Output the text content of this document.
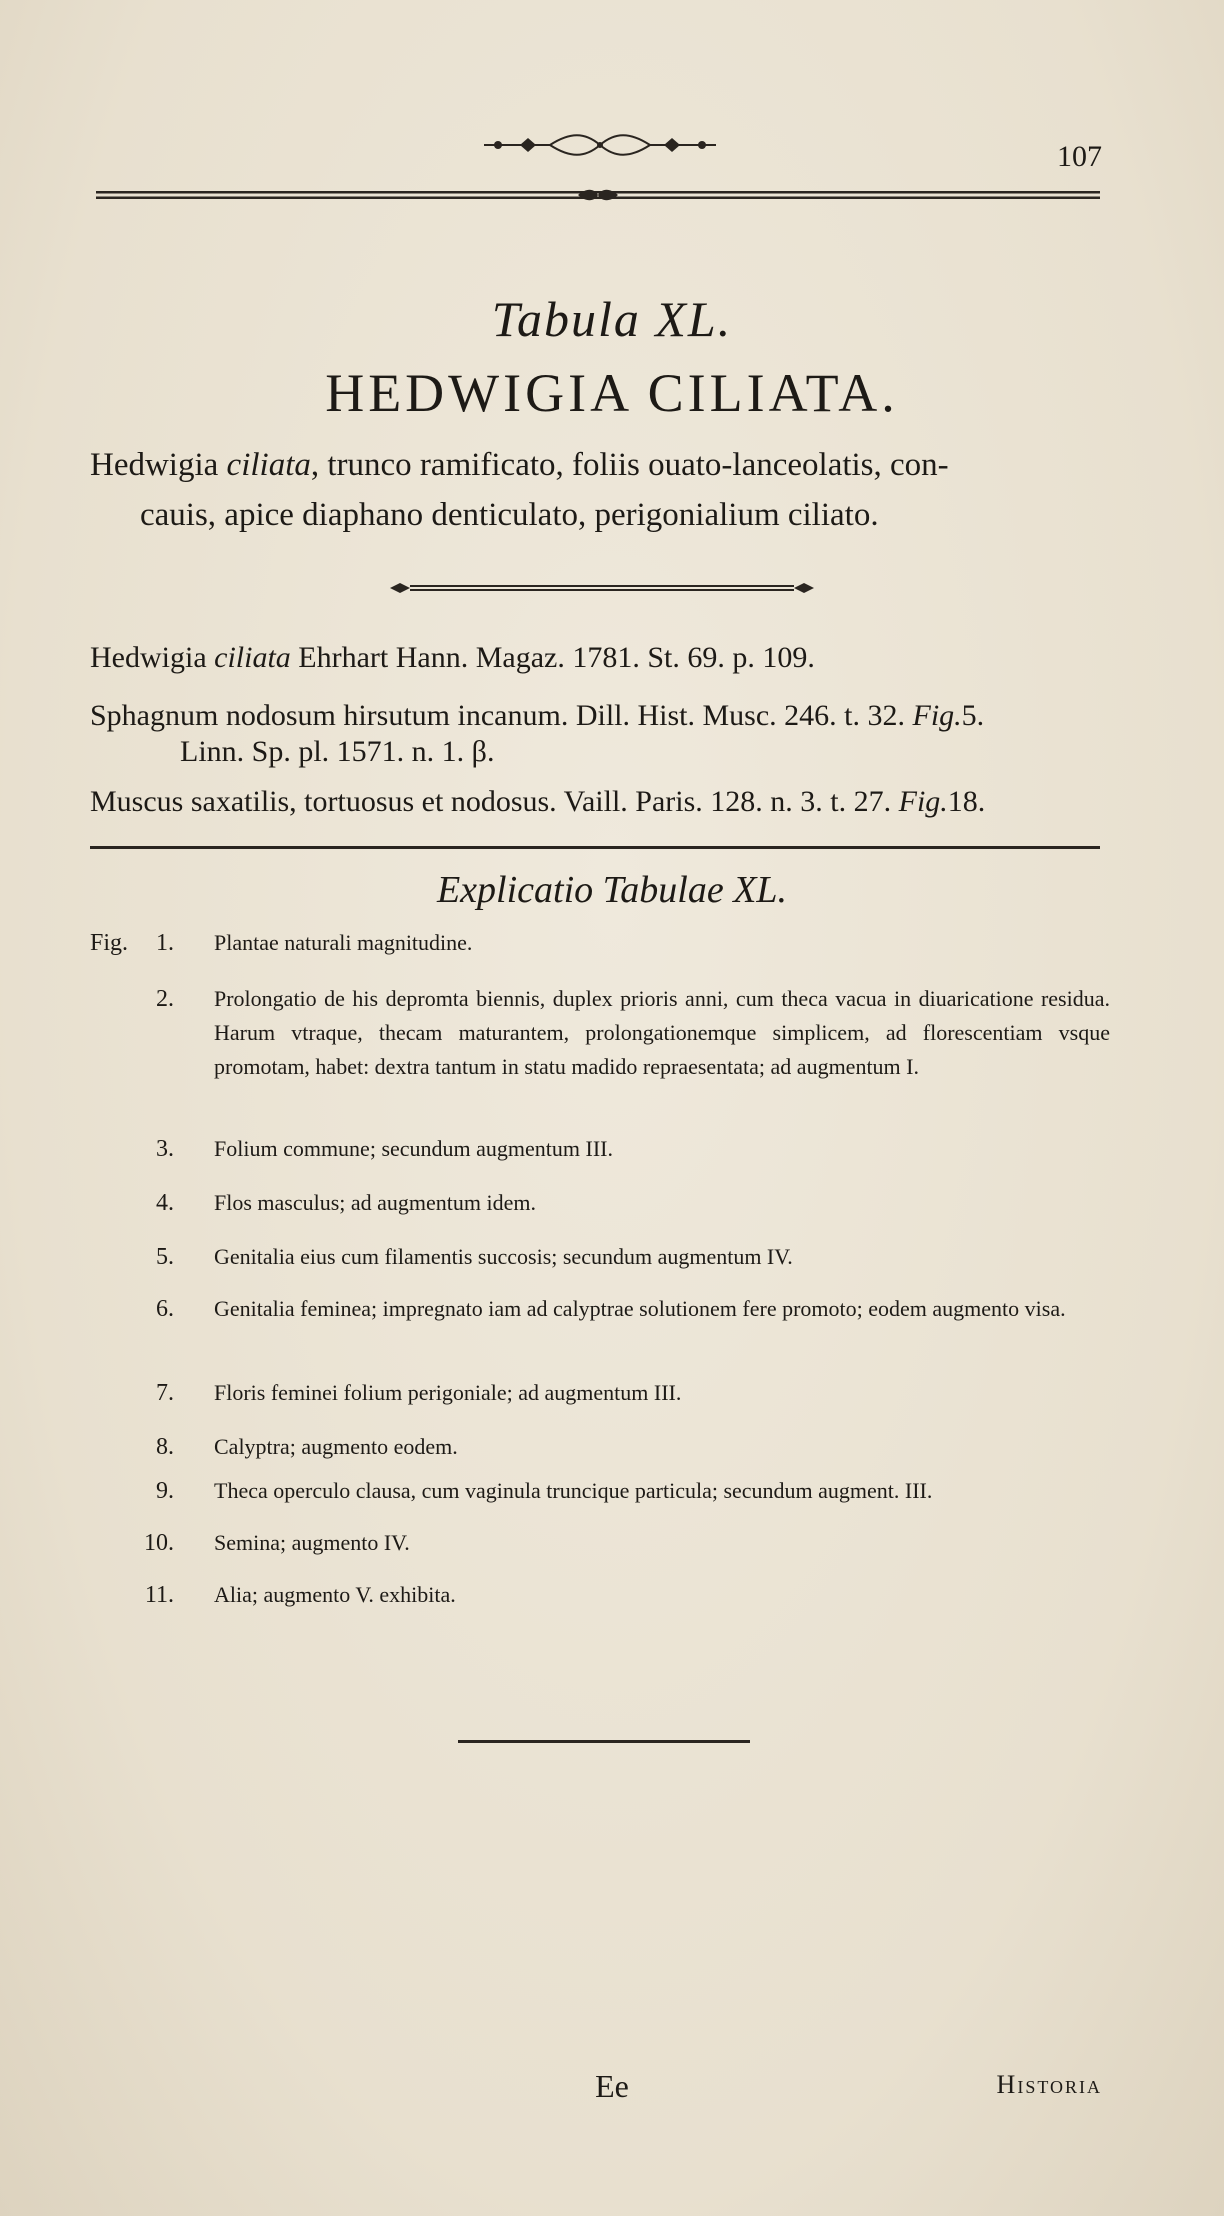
107
Tabula XL.
HEDWIGIA CILIATA.
Hedwigia ciliata, trunco ramificato, foliis ouato-lanceolatis, con-
cauis, apice diaphano denticulato, perigonialium ciliato.
Hedwigia ciliata Ehrhart Hann. Magaz. 1781. St. 69. p. 109.
Sphagnum nodosum hirsutum incanum. Dill. Hist. Musc. 246. t. 32. Fig.5.
Linn. Sp. pl. 1571. n. 1. β.
Muscus saxatilis, tortuosus et nodosus. Vaill. Paris. 128. n. 3. t. 27. Fig.18.
Explicatio Tabulae XL.
Fig.	1. Plantae naturali magnitudine.
2. Prolongatio de his depromta biennis, duplex prioris anni, cum theca vacua in diuaricatione residua. Harum vtraque, thecam maturantem, prolongationemque simplicem, ad florescentiam vsque promotam, habet: dextra tantum in statu madido repraesentata; ad augmentum I.
3. Folium commune; secundum augmentum III.
4. Flos masculus; ad augmentum idem.
5. Genitalia eius cum filamentis succosis; secundum augmentum IV.
6. Genitalia feminea; impregnato iam ad calyptrae solutionem fere promoto; eodem augmento visa.
7. Floris feminei folium perigoniale; ad augmentum III.
8. Calyptra; augmento eodem.
9. Theca operculo clausa, cum vaginula truncique particula; secundum augment. III.
10. Semina; augmento IV.
11. Alia; augmento V. exhibita.
Ee	Historia
